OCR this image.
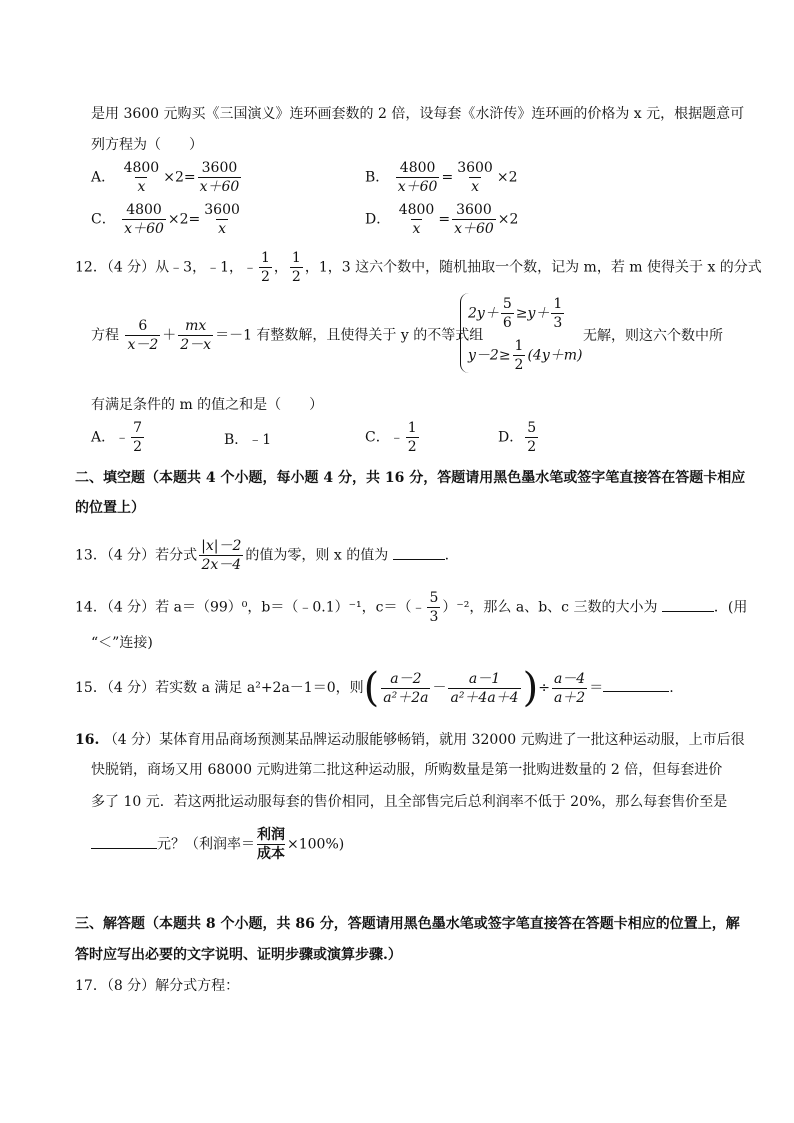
是用 3600 元购买《三国演义》连环画套数的 2 倍，设每套《水浒传》连环画的价格为 x 元，根据题意可
列方程为（　　）
A． $\frac{4800}{x} \times 2= \frac{3600}{x+60}$	B． $\frac{4800}{x+60} = \frac{3600}{x} \times 2$
C． $\frac{4800}{x+60} \times 2= \frac{3600}{x}$	D． $\frac{4800}{x} = \frac{3600}{x+60} \times 2$
12．（4 分）从﹣3，﹣1，﹣ $\frac{1}{2}$ ， $\frac{1}{2}$ ，1，3 这六个数中，随机抽取一个数，记为 m，若 m 使得关于 x 的分式
方程 $\frac{6}{x-2} + \frac{mx}{2-x} =-1$ 有整数解，且使得关于 y 的不等式组
$2y+ \frac{5}{6} \ge y+ \frac{1}{3}$
$y-2\ge \frac{1}{2} (4y+m)$
无解，则这六个数中所
有满足条件的 m 的值之和是（　　）
A．﹣ $\frac{7}{2}$	B．﹣1	C．﹣ $\frac{1}{2}$	D． $\frac{5}{2}$
二、填空题（本题共 4 个小题，每小题 4 分，共 16 分，答题请用黑色墨水笔或签字笔直接答在答题卡相应
的位置上）
13．（4 分）若分式 $\frac{|x|-2}{2x-4}$ 的值为零，则 x 的值为	.
14．（4 分）若 a＝（99）⁰，b＝（﹣0.1）⁻¹，c＝（﹣ $\frac{5}{3} )^{-2}$，那么 a、b、c 三数的大小为	．(用
“＜”连接)
15．（4 分）若实数 a 满足 a²+2a－1＝0，则( $\frac{a-2}{\text{a²＋2a}} - \frac{a-1}{\text{a²＋4a＋4}}$ )÷ $\frac{a-4}{a+2}$ ＝	.
16. （4 分）某体育用品商场预测某品牌运动服能够畅销，就用 32000 元购进了一批这种运动服，上市后很
快脱销，商场又用 68000 元购进第二批这种运动服，所购数量是第一批购进数量的 2 倍，但每套进价
多了 10 元．若这两批运动服每套的售价相同，且全部售完后总利润率不低于 20%，那么每套售价至是
元？（利润率＝ $\frac{\text{利润}}{\text{成本}} \times 100\%$)
三、解答题（本题共 8 个小题，共 86 分，答题请用黑色墨水笔或签字笔直接答在答题卡相应的位置上，解
答时应写出必要的文字说明、证明步骤或演算步骤.）
17．（8 分）解分式方程：
